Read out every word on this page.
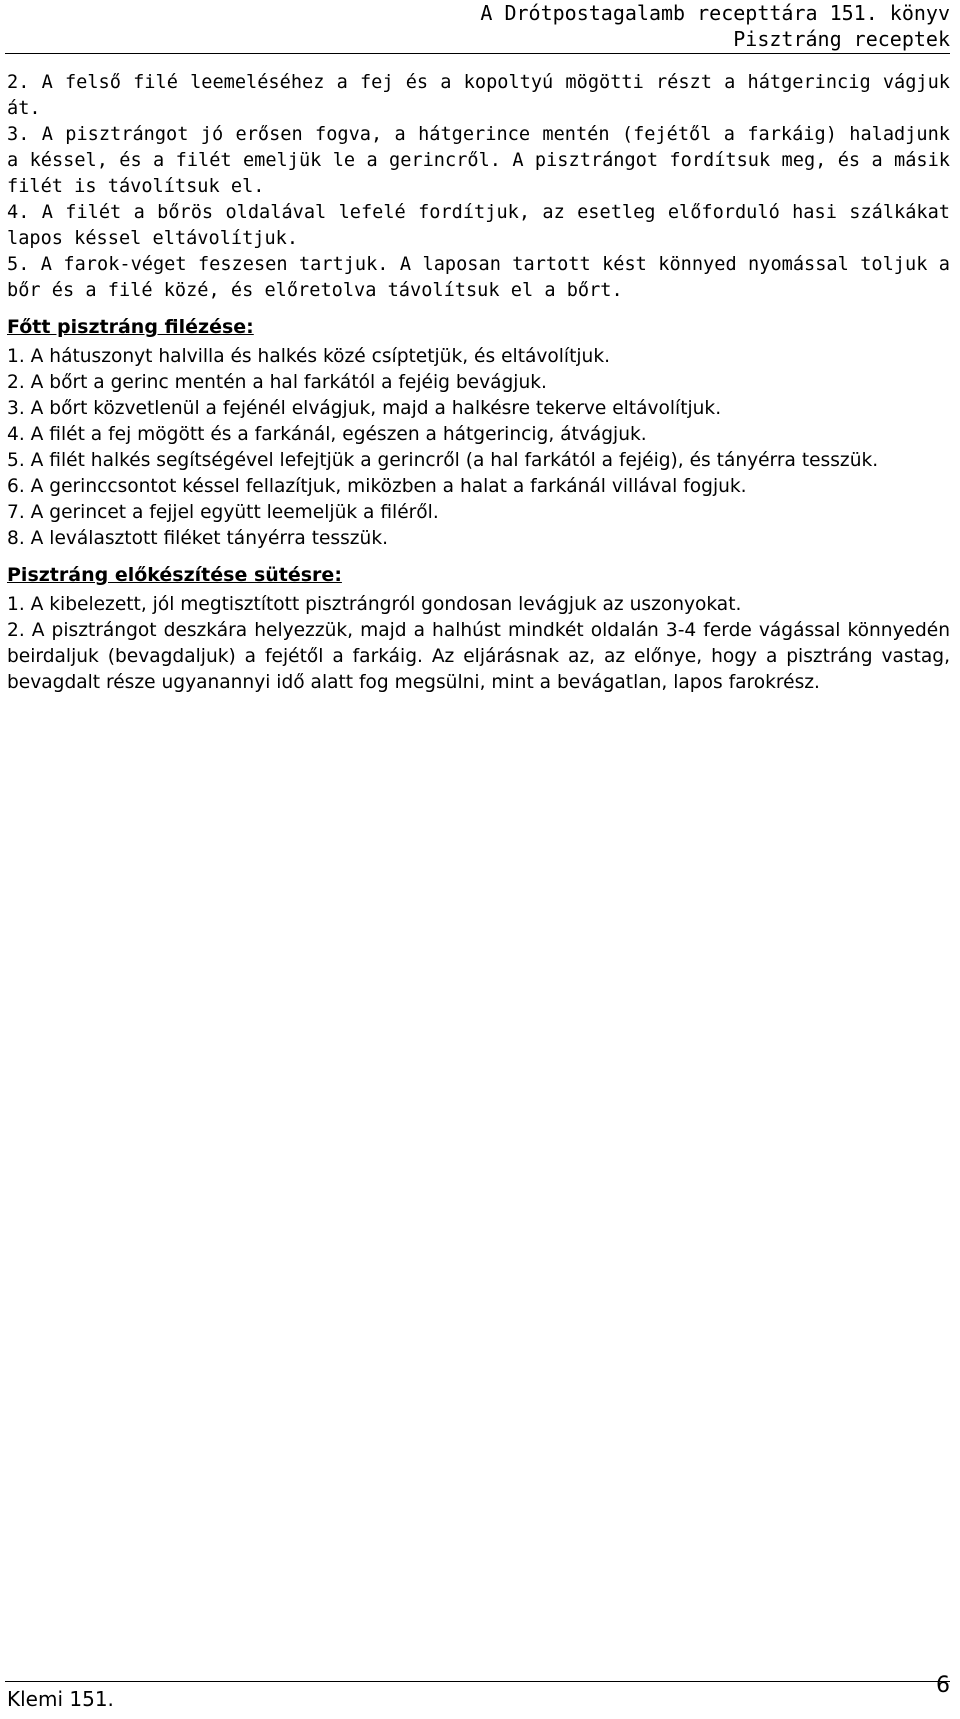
A Drótpostagalamb recepttára 151. könyv
Pisztráng receptek

2. A felső filé leemeléséhez a fej és a kopoltyú mögötti részt a hátgerincig vágjuk át.

3. A pisztrángot jó erősen fogva, a hátgerince mentén (fejétől a farkáig) haladjunk a késsel, és a filét emeljük le a gerincről. A pisztrángot fordítsuk meg, és a másik filét is távolítsuk el.

4. A filét a bőrös oldalával lefelé fordítjuk, az esetleg előforduló hasi szálkákat lapos késsel eltávolítjuk.

5. A farok-véget feszesen tartjuk. A laposan tartott kést könnyed nyomással toljuk a bőr és a filé közé, és előretolva távolítsuk el a bőrt.

Főtt pisztráng filézése:

1. A hátuszonyt halvilla és halkés közé csíptetjük, és eltávolítjuk.

2. A bőrt a gerinc mentén a hal farkától a fejéig bevágjuk.

3. A bőrt közvetlenül a fejénél elvágjuk, majd a halkésre tekerve eltávolítjuk.

4. A filét a fej mögött és a farkánál, egészen a hátgerincig, átvágjuk.

5. A filét halkés segítségével lefejtjük a gerincről (a hal farkától a fejéig), és tányérra tesszük.

6. A gerinccsontot késsel fellazítjuk, miközben a halat a farkánál villával fogjuk.

7. A gerincet a fejjel együtt leemeljük a filéről.

8. A leválasztott filéket tányérra tesszük.

Pisztráng előkészítése sütésre:

1. A kibelezett, jól megtisztított pisztrángról gondosan levágjuk az uszonyokat.

2. A pisztrángot deszkára helyezzük, majd a halhúst mindkét oldalán 3-4 ferde vágással könnyedén beirdaljuk (bevagdaljuk) a fejétől a farkáig. Az eljárásnak az, az előnye, hogy a pisztráng vastag, bevagdalt része ugyanannyi idő alatt fog megsülni, mint a bevágatlan, lapos farokrész.

Klemi 151.
6
